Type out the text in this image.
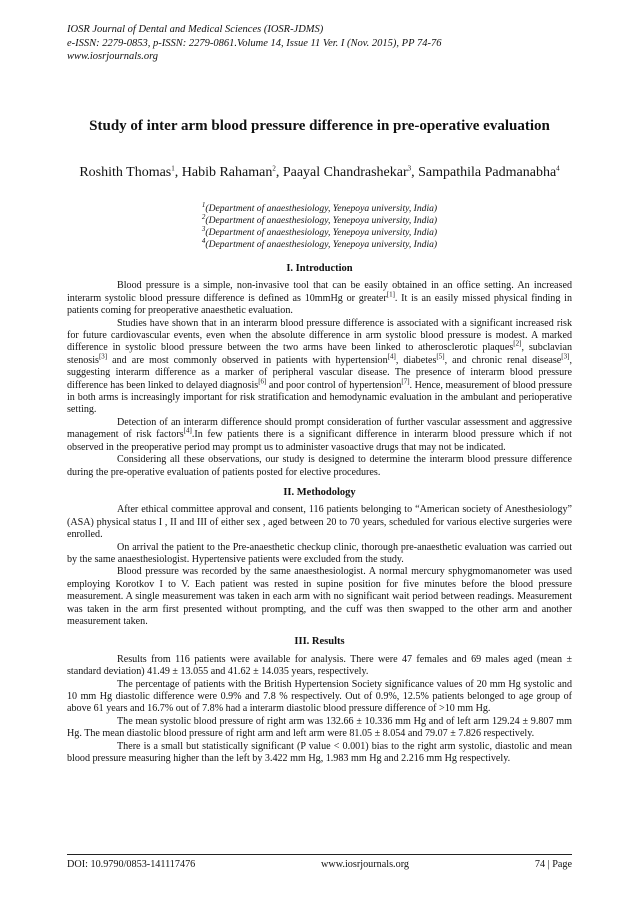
IOSR Journal of Dental and Medical Sciences (IOSR-JDMS)
e-ISSN: 2279-0853, p-ISSN: 2279-0861.Volume 14, Issue 11 Ver. I (Nov. 2015), PP 74-76
www.iosrjournals.org
Study of inter arm blood pressure difference in pre-operative evaluation
Roshith Thomas$^1$, Habib Rahaman$^2$, Paayal Chandrashekar$^3$, Sampathila Padmanabha$^4$
$^1$(Department of anaesthesiology, Yenepoya university, India)
$^2$(Department of anaesthesiology, Yenepoya university, India)
$^3$(Department of anaesthesiology, Yenepoya university, India)
$^4$(Department of anaesthesiology, Yenepoya university, India)
I. Introduction

Blood pressure is a simple, non-invasive tool that can be easily obtained in an office setting. An increased interarm systolic blood pressure difference is defined as 10mmHg or greater[1]. It is an easily missed physical finding in patients coming for preoperative anaesthetic evaluation.

Studies have shown that in an interarm blood pressure difference is associated with a significant increased risk for future cardiovascular events, even when the absolute difference in arm systolic blood pressure is modest. A marked difference in systolic blood pressure between the two arms have been linked to atherosclerotic plaques[2], subclavian stenosis[3] and are most commonly observed in patients with hypertension[4], diabetes[5], and chronic renal disease[3], suggesting interarm difference as a marker of peripheral vascular disease. The presence of interarm blood pressure difference has been linked to delayed diagnosis[6] and poor control of hypertension[7]. Hence, measurement of blood pressure in both arms is increasingly important for risk stratification and hemodynamic evaluation in the ambulant and perioperative setting.

Detection of an interarm difference should prompt consideration of further vascular assessment and aggressive management of risk factors[4].In few patients there is a significant difference in interarm blood pressure which if not observed in the preoperative period may prompt us to administer vasoactive drugs that may not be indicated.

Considering all these observations, our study is designed to determine the interarm blood pressure difference during the pre-operative evaluation of patients posted for elective procedures.

II. Methodology

After ethical committee approval and consent, 116 patients belonging to “American society of Anesthesiology” (ASA) physical status I , II and III of either sex , aged between 20 to 70 years, scheduled for various elective surgeries were enrolled.

On arrival the patient to the Pre-anaesthetic checkup clinic, thorough pre-anaesthetic evaluation was carried out by the same anaesthesiologist. Hypertensive patients were excluded from the study.

Blood pressure was recorded by the same anaesthesiologist. A normal mercury sphygmomanometer was used employing Korotkov I to V. Each patient was rested in supine position for five minutes before the blood pressure measurement. A single measurement was taken in each arm with no significant wait period between readings. Measurement was taken in the arm first presented without prompting, and the cuff was then swapped to the other arm and another measurement taken.

III. Results

Results from 116 patients were available for analysis. There were 47 females and 69 males aged (mean ± standard deviation) 41.49 ± 13.055 and 41.62 ± 14.035 years, respectively.

The percentage of patients with the British Hypertension Society significance values of 20 mm Hg systolic and 10 mm Hg diastolic difference were 0.9% and 7.8 % respectively. Out of 0.9%, 12.5% patients belonged to age group of above 61 years and 16.7% out of 7.8% had a interarm diastolic blood pressure difference of >10 mm Hg.

The mean systolic blood pressure of right arm was 132.66 ± 10.336 mm Hg and of left arm 129.24 ± 9.807 mm Hg. The mean diastolic blood pressure of right arm and left arm were 81.05 ± 8.054 and 79.07 ± 7.826 respectively.

There is a small but statistically significant (P value < 0.001) bias to the right arm systolic, diastolic and mean blood pressure measuring higher than the left by 3.422 mm Hg, 1.983 mm Hg and 2.216 mm Hg respectively.

DOI: 10.9790/0853-141117476	www.iosrjournals.org	74 | Page
